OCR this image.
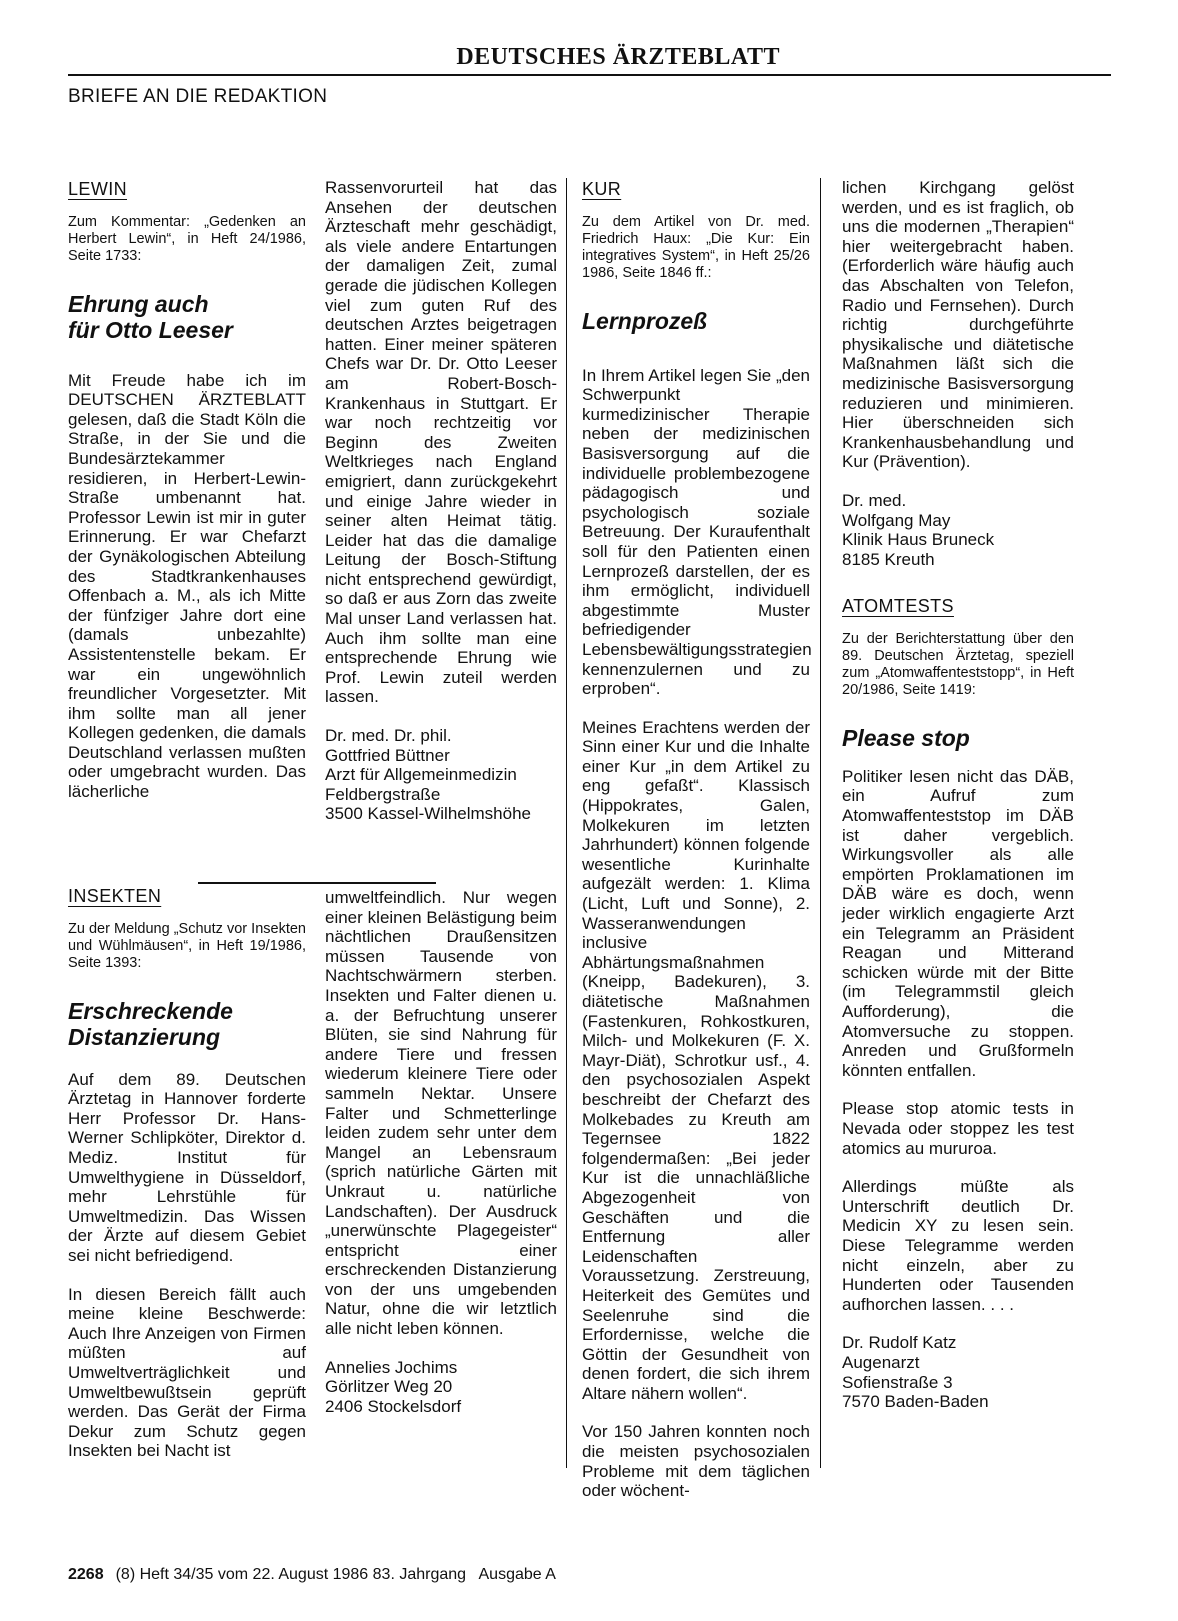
DEUTSCHES ÄRZTEBLATT
BRIEFE AN DIE REDAKTION
LEWIN
Zum Kommentar: „Gedenken an Herbert Lewin“, in Heft 24/1986, Seite 1733:
Ehrung auch
für Otto Leeser

Mit Freude habe ich im DEUTSCHEN ÄRZTEBLATT gelesen, daß die Stadt Köln die Straße, in der Sie und die Bundesärztekammer residieren, in Herbert-Lewin-Straße umbenannt hat. Professor Lewin ist mir in guter Erinnerung. Er war Chefarzt der Gynäkologischen Abteilung des Stadtkrankenhauses Offenbach a. M., als ich Mitte der fünfziger Jahre dort eine (damals unbezahlte) Assistentenstelle bekam. Er war ein ungewöhnlich freundlicher Vorgesetzter. Mit ihm sollte man all jener Kollegen gedenken, die damals Deutschland verlassen mußten oder umgebracht wurden. Das lächerliche

Rassenvorurteil hat das Ansehen der deutschen Ärzteschaft mehr geschädigt, als viele andere Entartungen der damaligen Zeit, zumal gerade die jüdischen Kollegen viel zum guten Ruf des deutschen Arztes beigetragen hatten. Einer meiner späteren Chefs war Dr. Dr. Otto Leeser am Robert-Bosch-Krankenhaus in Stuttgart. Er war noch rechtzeitig vor Beginn des Zweiten Weltkrieges nach England emigriert, dann zurückgekehrt und einige Jahre wieder in seiner alten Heimat tätig. Leider hat das die damalige Leitung der Bosch-Stiftung nicht entsprechend gewürdigt, so daß er aus Zorn das zweite Mal unser Land verlassen hat. Auch ihm sollte man eine entsprechende Ehrung wie Prof. Lewin zuteil werden lassen.

Dr. med. Dr. phil.
Gottfried Büttner
Arzt für Allgemeinmedizin
Feldbergstraße
3500 Kassel-Wilhelmshöhe
INSEKTEN
Zu der Meldung „Schutz vor Insekten und Wühlmäusen“, in Heft 19/1986, Seite 1393:
Erschreckende
Distanzierung

Auf dem 89. Deutschen Ärztetag in Hannover forderte Herr Professor Dr. Hans-Werner Schlipköter, Direktor d. Mediz. Institut für Umwelthygiene in Düsseldorf, mehr Lehrstühle für Umweltmedizin. Das Wissen der Ärzte auf diesem Gebiet sei nicht befriedigend.

In diesen Bereich fällt auch meine kleine Beschwerde: Auch Ihre Anzeigen von Firmen müßten auf Umweltverträglichkeit und Umweltbewußtsein geprüft werden. Das Gerät der Firma Dekur zum Schutz gegen Insekten bei Nacht ist

umweltfeindlich. Nur wegen einer kleinen Belästigung beim nächtlichen Draußensitzen müssen Tausende von Nachtschwärmern sterben. Insekten und Falter dienen u. a. der Befruchtung unserer Blüten, sie sind Nahrung für andere Tiere und fressen wiederum kleinere Tiere oder sammeln Nektar. Unsere Falter und Schmetterlinge leiden zudem sehr unter dem Mangel an Lebensraum (sprich natürliche Gärten mit Unkraut u. natürliche Landschaften). Der Ausdruck „unerwünschte Plagegeister“ entspricht einer erschreckenden Distanzierung von der uns umgebenden Natur, ohne die wir letztlich alle nicht leben können.

Annelies Jochims
Görlitzer Weg 20
2406 Stockelsdorf
KUR
Zu dem Artikel von Dr. med. Friedrich Haux: „Die Kur: Ein integratives System“, in Heft 25/26 1986, Seite 1846 ff.:
Lernprozeß

In Ihrem Artikel legen Sie „den Schwerpunkt kurmedizinischer Therapie neben der medizinischen Basisversorgung auf die individuelle problembezogene pädagogisch und psychologisch soziale Betreuung. Der Kuraufenthalt soll für den Patienten einen Lernprozeß darstellen, der es ihm ermöglicht, individuell abgestimmte Muster befriedigender Lebensbewältigungsstrategien kennenzulernen und zu erproben“.

Meines Erachtens werden der Sinn einer Kur und die Inhalte einer Kur „in dem Artikel zu eng gefaßt“. Klassisch (Hippokrates, Galen, Molkekuren im letzten Jahrhundert) können folgende wesentliche Kurinhalte aufgezält werden: 1. Klima (Licht, Luft und Sonne), 2. Wasseranwendungen inclusive Abhärtungsmaßnahmen (Kneipp, Badekuren), 3. diätetische Maßnahmen (Fastenkuren, Rohkostkuren, Milch- und Molkekuren (F. X. Mayr-Diät), Schrotkur usf., 4. den psychosozialen Aspekt beschreibt der Chefarzt des Molkebades zu Kreuth am Tegernsee 1822 folgendermaßen: „Bei jeder Kur ist die unnachläßliche Abgezogenheit von Geschäften und die Entfernung aller Leidenschaften Voraussetzung. Zerstreuung, Heiterkeit des Gemütes und Seelenruhe sind die Erfordernisse, welche die Göttin der Gesundheit von denen fordert, die sich ihrem Altare nähern wollen“.

Vor 150 Jahren konnten noch die meisten psychosozialen Probleme mit dem täglichen oder wöchent-

lichen Kirchgang gelöst werden, und es ist fraglich, ob uns die modernen „Therapien“ hier weitergebracht haben. (Erforderlich wäre häufig auch das Abschalten von Telefon, Radio und Fernsehen). Durch richtig durchgeführte physikalische und diätetische Maßnahmen läßt sich die medizinische Basisversorgung reduzieren und minimieren. Hier überschneiden sich Krankenhausbehandlung und Kur (Prävention).

Dr. med.
Wolfgang May
Klinik Haus Bruneck
8185 Kreuth
ATOMTESTS
Zu der Berichterstattung über den 89. Deutschen Ärztetag, speziell zum „Atomwaffenteststopp“, in Heft 20/1986, Seite 1419:
Please stop

Politiker lesen nicht das DÄB, ein Aufruf zum Atomwaffenteststop im DÄB ist daher vergeblich. Wirkungsvoller als alle empörten Proklamationen im DÄB wäre es doch, wenn jeder wirklich engagierte Arzt ein Telegramm an Präsident Reagan und Mitterand schicken würde mit der Bitte (im Telegrammstil gleich Aufforderung), die Atomversuche zu stoppen. Anreden und Grußformeln könnten entfallen.

Please stop atomic tests in Nevada oder stoppez les test atomics au mururoa.

Allerdings müßte als Unterschrift deutlich Dr. Medicin XY zu lesen sein. Diese Telegramme werden nicht einzeln, aber zu Hunderten oder Tausenden aufhorchen lassen. . . .

Dr. Rudolf Katz
Augenarzt
Sofienstraße 3
7570 Baden-Baden
2268 (8) Heft 34/35 vom 22. August 1986 83. Jahrgang   Ausgabe A
